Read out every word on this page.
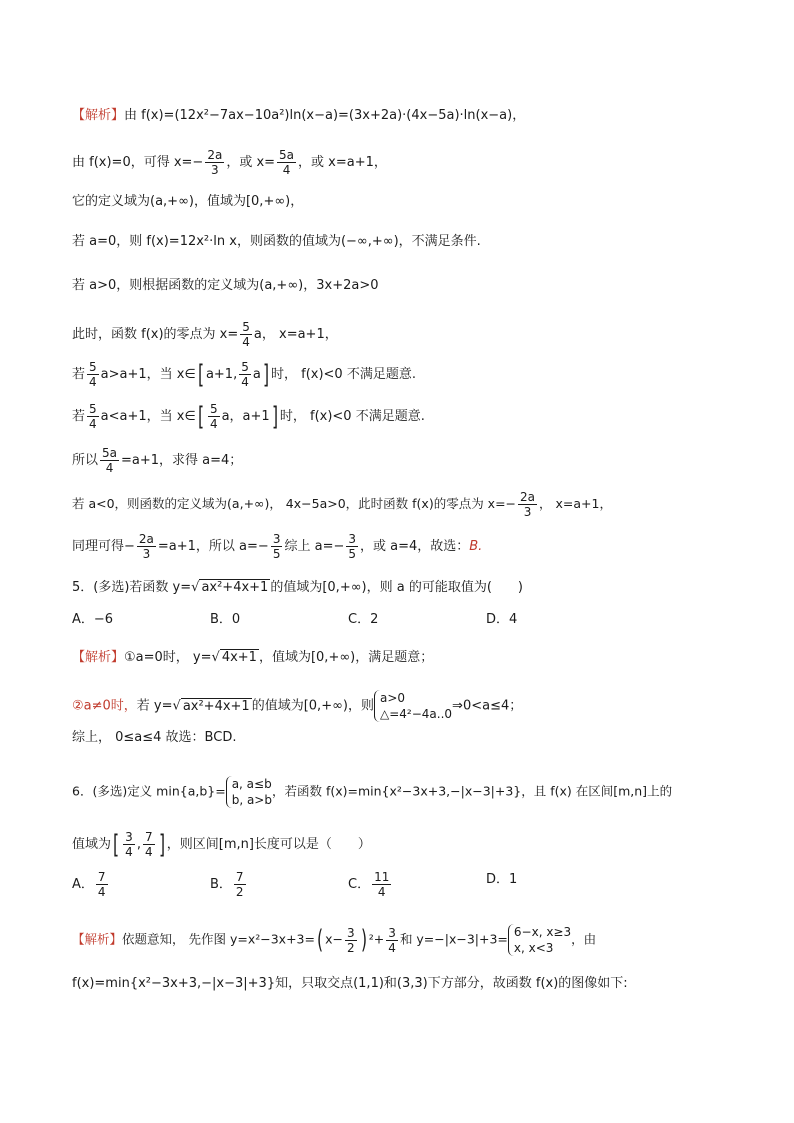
【解析】由 f(x)=(12x²−7ax−10a²)ln(x−a)=(3x+2a)·(4x−5a)·ln(x−a)，
由 f(x)=0，可得 $x=- \frac{2a}{3}$ ，或 $x= \frac{5a}{4}$ ，或 x=a+1，
它的定义域为(a,+∞)，值域为[0,+∞)，
若 a=0，则 f(x)=12x²·ln x，则函数的值域为(−∞,+∞)，不满足条件.
若 a>0，则根据函数的定义域为(a,+∞)，3x+2a>0
此时，函数 f(x)的零点为 $x= \frac{5}{4}$ a， x=a+1，
若 $\frac{5}{4} a>a+1$，当 x∈[ a+1, $\frac{5}{4} a$] 时， f(x)<0 不满足题意.
若 $\frac{5}{4} a<a+1$，当 x∈[ $\frac{5}{4}$ a，a+1] 时， f(x)<0 不满足题意.
所以 $\frac{5a}{4} =a+1$，求得 a=4；
若 a<0，则函数的定义域为(a,+∞)， 4x−5a>0，此时函数 f(x)的零点为 $x=- \frac{2a}{3}$ ， x=a+1，
同理可得− $\frac{2a}{3} =a+1$，所以 $a=- \frac{3}{5}$ 综上 $a=- \frac{3}{5}$ ，或 a=4，故选：B.
5．(多选)若函数 y=√ ax²+4x+1 的值域为[0,+∞)，则 a 的可能取值为(　　)
A．−6	B．0	C．2	D．4
【解析】①a=0时， y=√ 4x+1 ，值域为[0,+∞)，满足题意；
②a≠0时，若 y=√ ax²+4x+1 的值域为[0,+∞)，则
a>0
△=4²−4a..0
⇒0<a≤4；
综上， 0≤a≤4 故选：BCD.
6．(多选)定义 min{a,b}= a, a≤b
b, a>b
，若函数 f(x)=min{x²−3x+3,−|x−3|+3}，且 f(x) 在区间[m,n]上的
值域为[ $\frac{3}{4}$ , $\frac{7}{4}$ ] ，则区间[m,n]长度可以是（　　）
A． $\frac{7}{4}$	B． $\frac{7}{2}$	C． $\frac{11}{4}$	D．1
【解析】依题意知， 先作图 y=x²−3x+3=( $x- \frac{3}{2}$ ) $^2+ \frac{3}{4}$ 和 y=−|x−3|+3= 6−x, x≥3
x, x<3
，由
f(x)=min{x²−3x+3,−|x−3|+3}知，只取交点(1,1)和(3,3)下方部分，故函数 f(x)的图像如下:
